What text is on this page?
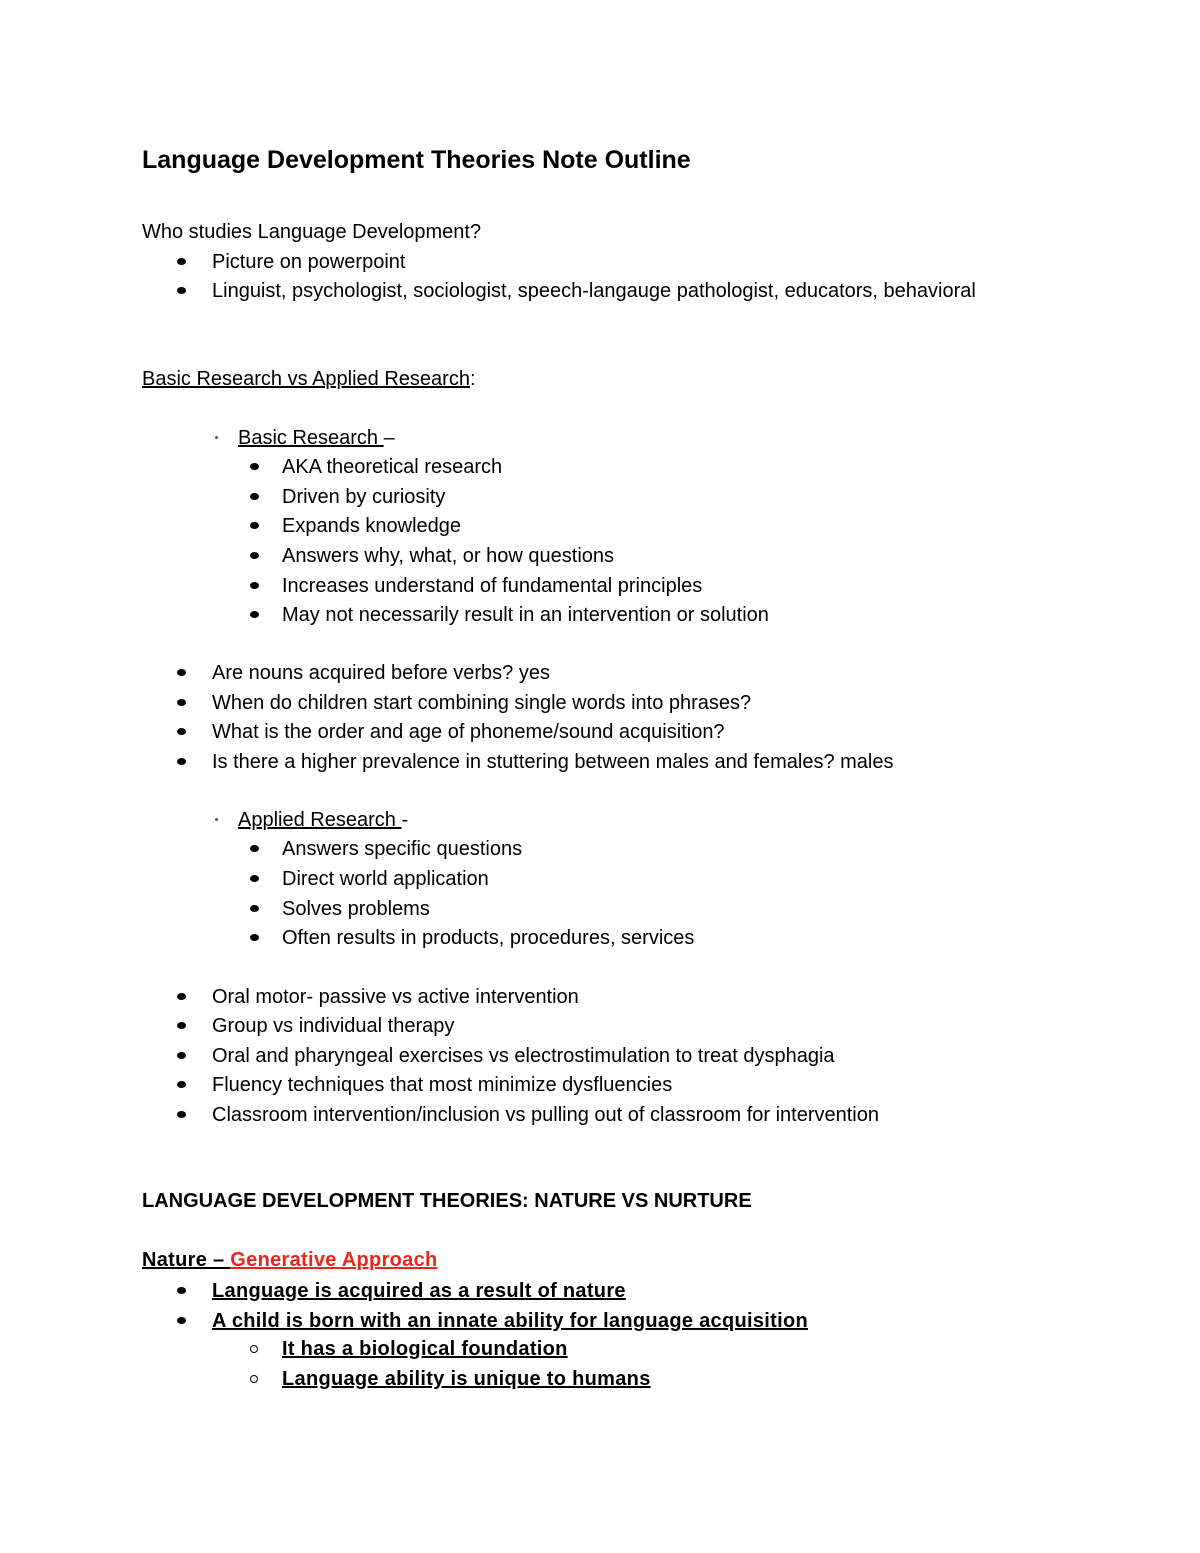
Language Development Theories Note Outline
Who studies Language Development?
Picture on powerpoint
Linguist, psychologist, sociologist, speech-langauge pathologist, educators, behavioral
Basic Research vs Applied Research:
Basic Research –
AKA theoretical research
Driven by curiosity
Expands knowledge
Answers why, what, or how questions
Increases understand of fundamental principles
May not necessarily result in an intervention or solution
Are nouns acquired before verbs? yes
When do children start combining single words into phrases?
What is the order and age of phoneme/sound acquisition?
Is there a higher prevalence in stuttering between males and females? males
Applied Research -
Answers specific questions
Direct world application
Solves problems
Often results in products, procedures, services
Oral motor- passive vs active intervention
Group vs individual therapy
Oral and pharyngeal exercises vs electrostimulation to treat dysphagia
Fluency techniques that most minimize dysfluencies
Classroom intervention/inclusion vs pulling out of classroom for intervention
LANGUAGE DEVELOPMENT THEORIES: NATURE VS NURTURE
Nature – Generative Approach
Language is acquired as a result of nature
A child is born with an innate ability for language acquisition
It has a biological foundation
Language ability is unique to humans
